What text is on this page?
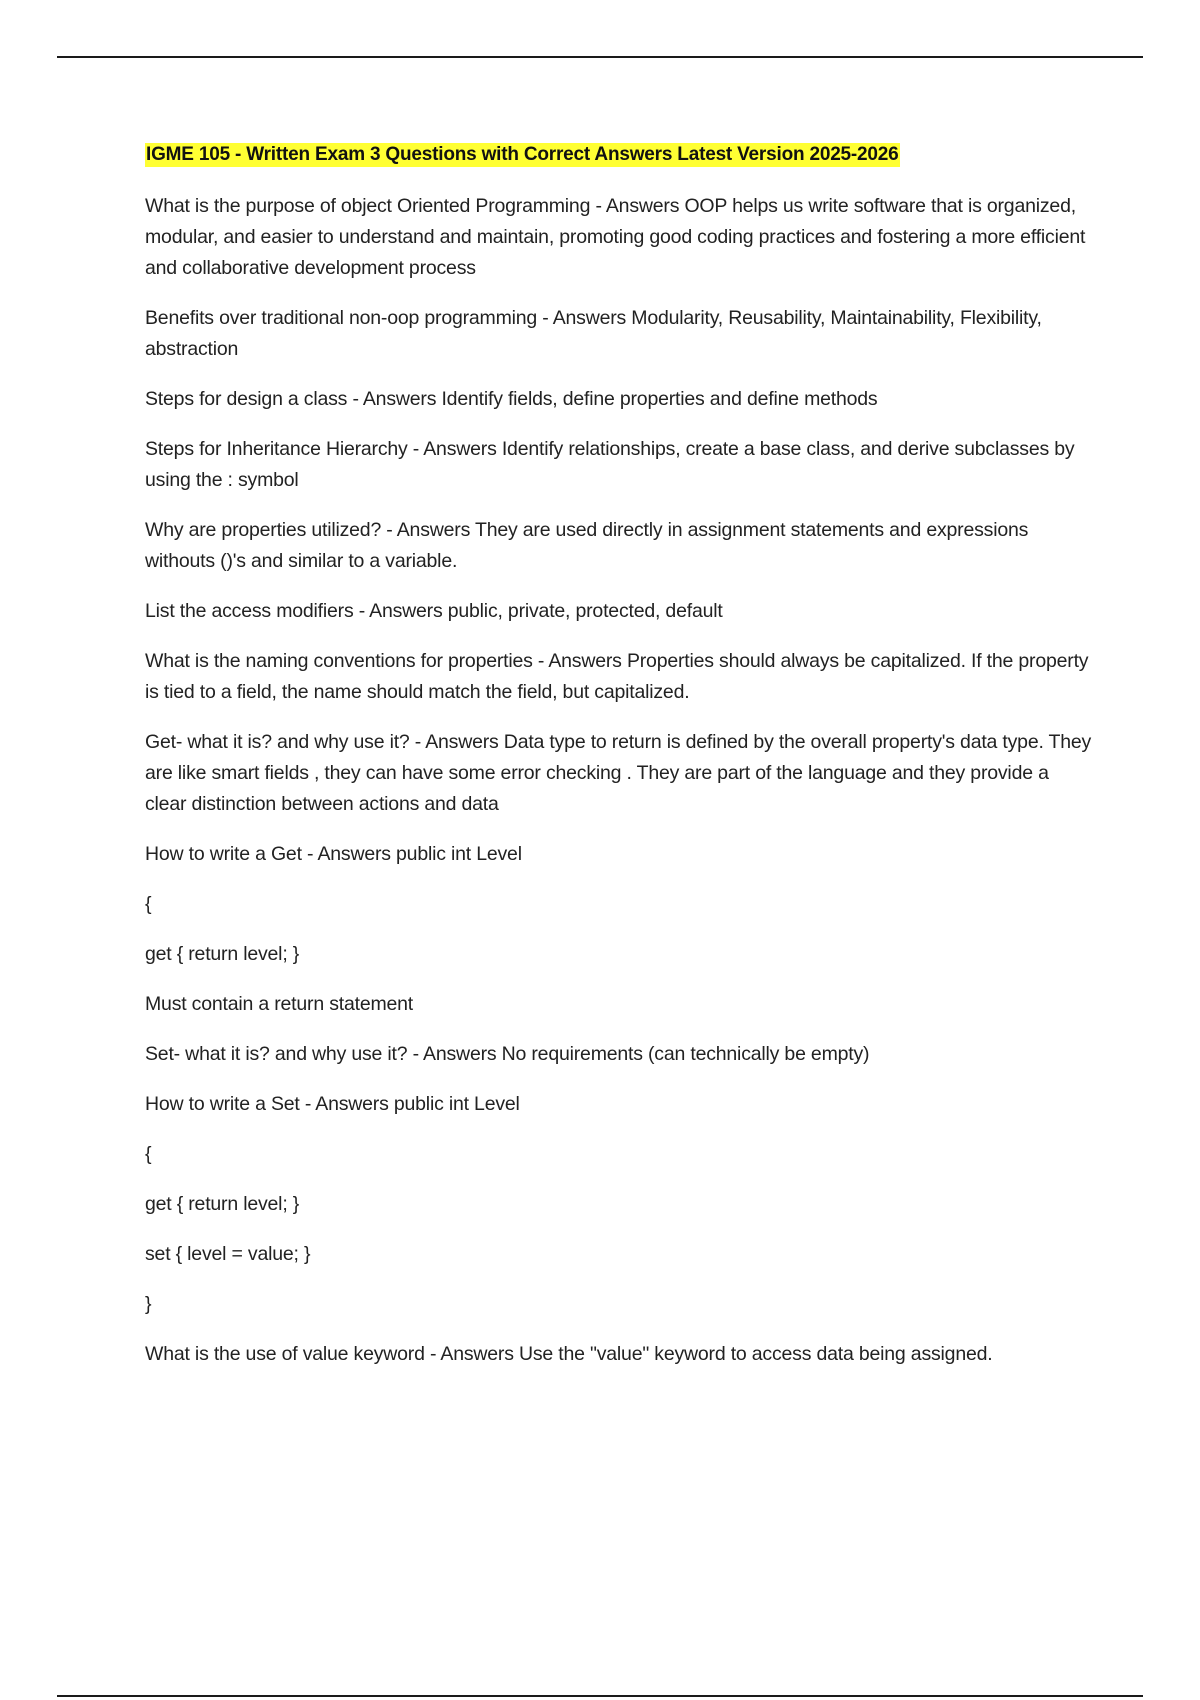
IGME 105 - Written Exam 3 Questions with Correct Answers Latest Version 2025-2026

What is the purpose of object Oriented Programming - Answers OOP helps us write software that is organized, modular, and easier to understand and maintain, promoting good coding practices and fostering a more efficient and collaborative development process

Benefits over traditional non-oop programming - Answers Modularity, Reusability, Maintainability, Flexibility, abstraction

Steps for design a class - Answers Identify fields, define properties and define methods

Steps for Inheritance Hierarchy - Answers Identify relationships, create a base class, and derive subclasses by using the : symbol

Why are properties utilized? - Answers They are used directly in assignment statements and expressions withouts ()'s and similar to a variable.

List the access modifiers - Answers public, private, protected, default

What is the naming conventions for properties - Answers Properties should always be capitalized. If the property is tied to a field, the name should match the field, but capitalized.

Get- what it is? and why use it? - Answers Data type to return is defined by the overall property's data type. They are like smart fields , they can have some error checking . They are part of the language and they provide a clear distinction between actions and data

How to write a Get - Answers public int Level

{

get { return level; }

Must contain a return statement

Set- what it is? and why use it? - Answers No requirements (can technically be empty)

How to write a Set - Answers public int Level

{

get { return level; }

set { level = value; }

}

What is the use of value keyword - Answers Use the "value" keyword to access data being assigned.
